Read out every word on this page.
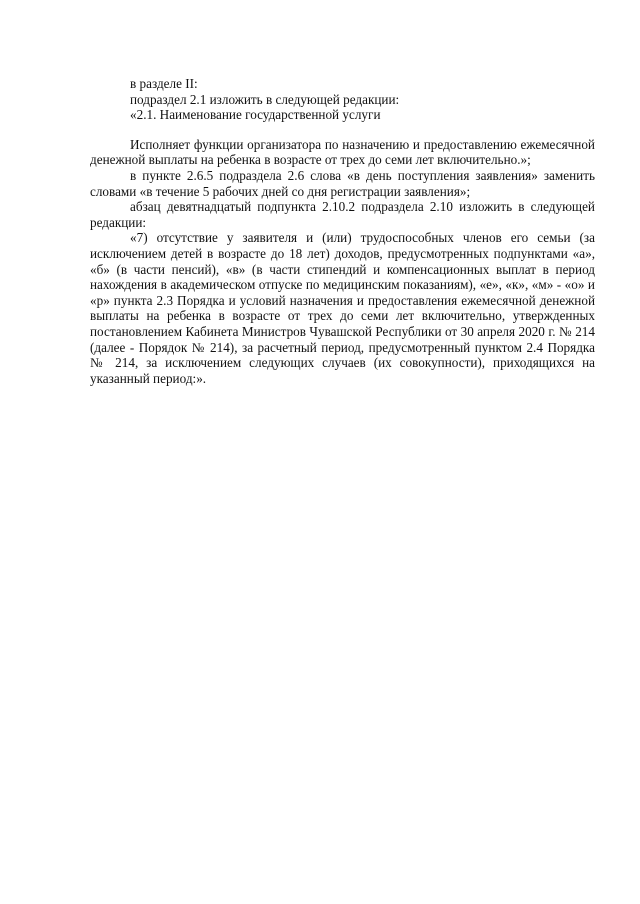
в разделе II:

подраздел 2.1 изложить в следующей редакции:

«2.1. Наименование государственной услуги

Исполняет функции организатора по назначению и предоставлению ежемесячной денежной выплаты на ребенка в возрасте от трех до семи лет включительно.»;

в пункте 2.6.5 подраздела 2.6 слова «в день поступления заявления» заменить словами «в течение 5 рабочих дней со дня регистрации заявления»;

абзац девятнадцатый подпункта 2.10.2 подраздела 2.10 изложить в следующей редакции:

«7) отсутствие у заявителя и (или) трудоспособных членов его семьи (за исключением детей в возрасте до 18 лет) доходов, предусмотренных подпунктами «а», «б» (в части пенсий), «в» (в части стипендий и компенсационных выплат в период нахождения в академическом отпуске по медицинским показаниям), «е», «к», «м» - «о» и «р» пункта 2.3 Порядка и условий назначения и предоставления ежемесячной денежной выплаты на ребенка в возрасте от трех до семи лет включительно, утвержденных постановлением Кабинета Министров Чувашской Республики от 30 апреля 2020 г. № 214 (далее - Порядок № 214), за расчетный период, предусмотренный пунктом 2.4 Порядка № 214, за исключением следующих случаев (их совокупности), приходящихся на указанный период:».
